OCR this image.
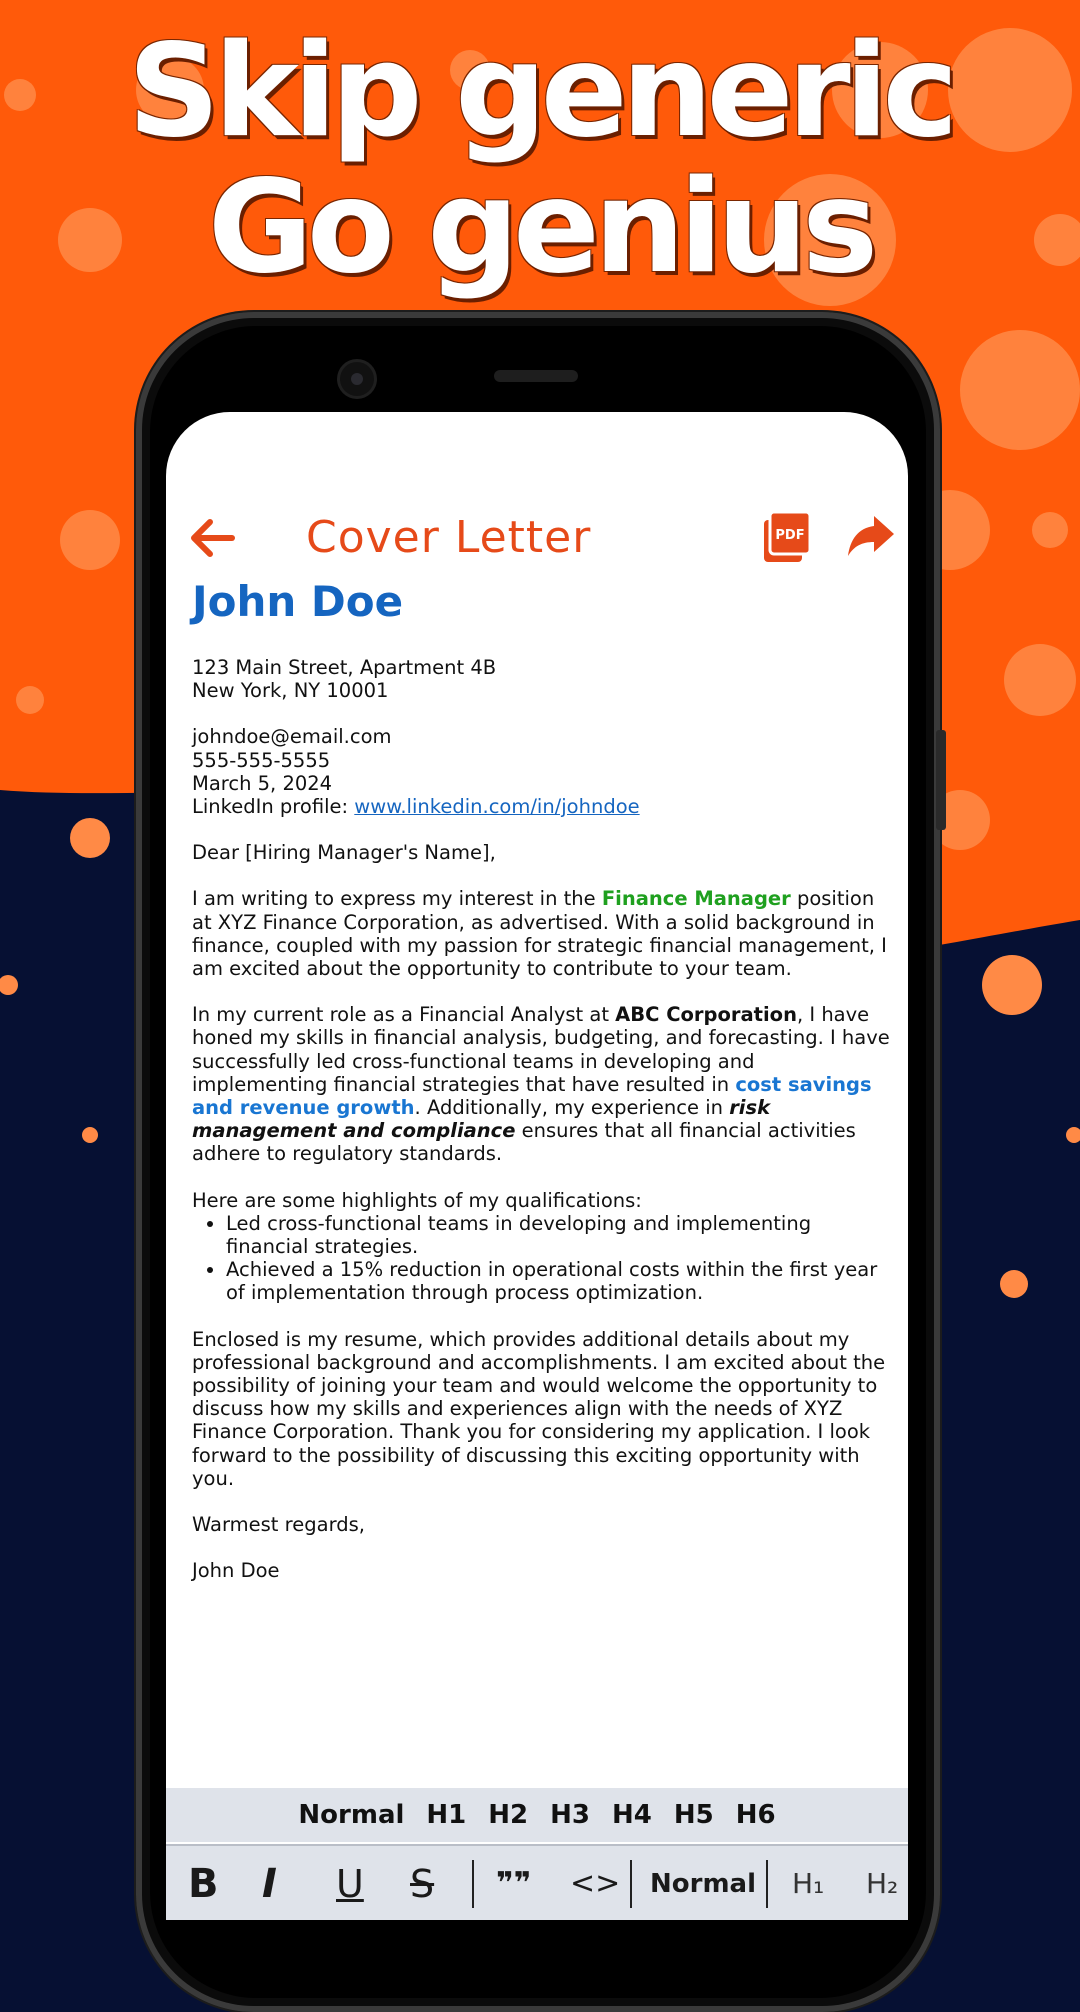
Skip generic
Go genius
Cover Letter	PDF
John Doe

123 Main Street, Apartment 4B
New York, NY 10001

johndoe@email.com
555-555-5555
March 5, 2024
LinkedIn profile: www.linkedin.com/in/johndoe

Dear [Hiring Manager's Name],

I am writing to express my interest in the Finance Manager position at XYZ Finance Corporation, as advertised. With a solid background in finance, coupled with my passion for strategic financial management, I am excited about the opportunity to contribute to your team.

In my current role as a Financial Analyst at ABC Corporation, I have honed my skills in financial analysis, budgeting, and forecasting. I have successfully led cross-functional teams in developing and implementing financial strategies that have resulted in cost savings and revenue growth. Additionally, my experience in risk management and compliance ensures that all financial activities adhere to regulatory standards.

Here are some highlights of my qualifications:
• Led cross-functional teams in developing and implementing financial strategies.
• Achieved a 15% reduction in operational costs within the first year of implementation through process optimization.

Enclosed is my resume, which provides additional details about my professional background and accomplishments. I am excited about the possibility of joining your team and would welcome the opportunity to discuss how my skills and experiences align with the needs of XYZ Finance Corporation. Thank you for considering my application. I look forward to the possibility of discussing this exciting opportunity with you.

Warmest regards,

John Doe

Normal H1 H2 H3 H4 H5 H6
B I U S ❞❞ <> Normal H₁ H₂
